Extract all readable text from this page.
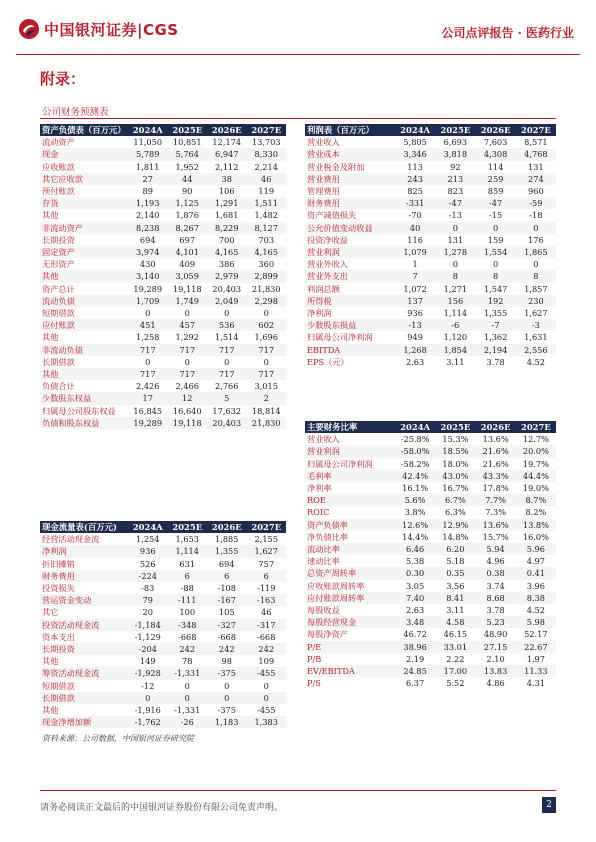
中国银河证券|CGS	公司点评报告 · 医药行业
附录：
公司财务预测表
资产负债表（百万元）	2024A	2025E	2026E	2027E
流动资产	11,050	10,851	12,174	13,703
现金	5,789	5,764	6,947	8,330
应收账款	1,811	1,952	2,112	2,214
其它应收款	27	44	38	46
预付账款	89	90	106	119
存货	1,193	1,125	1,291	1,511
其他	2,140	1,876	1,681	1,482
非流动资产	8,238	8,267	8,229	8,127
长期投资	694	697	700	703
固定资产	3,974	4,101	4,165	4,165
无形资产	430	409	386	360
其他	3,140	3,059	2,979	2,899
资产总计	19,289	19,118	20,403	21,830
流动负债	1,709	1,749	2,049	2,298
短期借款	0	0	0	0
应付账款	451	457	536	602
其他	1,258	1,292	1,514	1,696
非流动负债	717	717	717	717
长期借款	0	0	0	0
其他	717	717	717	717
负债合计	2,426	2,466	2,766	3,015
少数股东权益	17	12	5	2
归属母公司股东权益	16,845	16,640	17,632	18,814
负债和股东权益	19,289	19,118	20,403	21,830
利润表（百万元）	2024A	2025E	2026E	2027E
营业收入	5,805	6,693	7,603	8,571
营业成本	3,346	3,818	4,308	4,768
营业税金及附加	113	92	114	131
营业费用	243	213	259	274
管理费用	825	823	859	960
财务费用	-331	-47	-47	-59
资产减值损失	-70	-13	-15	-18
公允价值变动收益	40	0	0	0
投资净收益	116	131	159	176
营业利润	1,079	1,278	1,554	1,865
营业外收入	1	0	0	0
营业外支出	7	8	8	8
利润总额	1,072	1,271	1,547	1,857
所得税	137	156	192	230
净利润	936	1,114	1,355	1,627
少数股东损益	-13	-6	-7	-3
归属母公司净利润	949	1,120	1,362	1,631
EBITDA	1,268	1,854	2,194	2,556
EPS（元）	2.63	3.11	3.78	4.52
现金流量表(百万元)	2024A	2025E	2026E	2027E
经营活动现金流	1,254	1,653	1,885	2,155
净利润	936	1,114	1,355	1,627
折旧摊销	526	631	694	757
财务费用	-224	6	6	6
投资损失	-83	-88	-108	-119
营运资金变动	79	-111	-167	-163
其它	20	100	105	46
投资活动现金流	-1,184	-348	-327	-317
资本支出	-1,129	-668	-668	-668
长期投资	-204	242	242	242
其他	149	78	98	109
筹资活动现金流	-1,928	-1,331	-375	-455
短期借款	-12	0	0	0
长期借款	0	0	0	0
其他	-1,916	-1,331	-375	-455
现金净增加额	-1,762	-26	1,183	1,383
主要财务比率	2024A	2025E	2026E	2027E
营业收入	-25.8%	15.3%	13.6%	12.7%
营业利润	-58.0%	18.5%	21.6%	20.0%
归属母公司净利润	-58.2%	18.0%	21.6%	19.7%
毛利率	42.4%	43.0%	43.3%	44.4%
净利率	16.1%	16.7%	17.8%	19.0%
ROE	5.6%	6.7%	7.7%	8.7%
ROIC	3.8%	6.3%	7.3%	8.2%
资产负债率	12.6%	12.9%	13.6%	13.8%
净负债比率	14.4%	14.8%	15.7%	16.0%
流动比率	6.46	6.20	5.94	5.96
速动比率	5.38	5.18	4.96	4.97
总资产周转率	0.30	0.35	0.38	0.41
应收账款周转率	3.05	3.56	3.74	3.96
应付账款周转率	7.40	8.41	8.68	8.38
每股收益	2.63	3.11	3.78	4.52
每股经营现金	3.48	4.58	5.23	5.98
每股净资产	46.72	46.15	48.90	52.17
P/E	38.96	33.01	27.15	22.67
P/B	2.19	2.22	2.10	1.97
EV/EBITDA	24.85	17.00	13.83	11.33
P/S	6.37	5.52	4.86	4.31
资料来源：公司数据，中国银河证券研究院
请务必阅读正文最后的中国银河证券股份有限公司免责声明。	2
